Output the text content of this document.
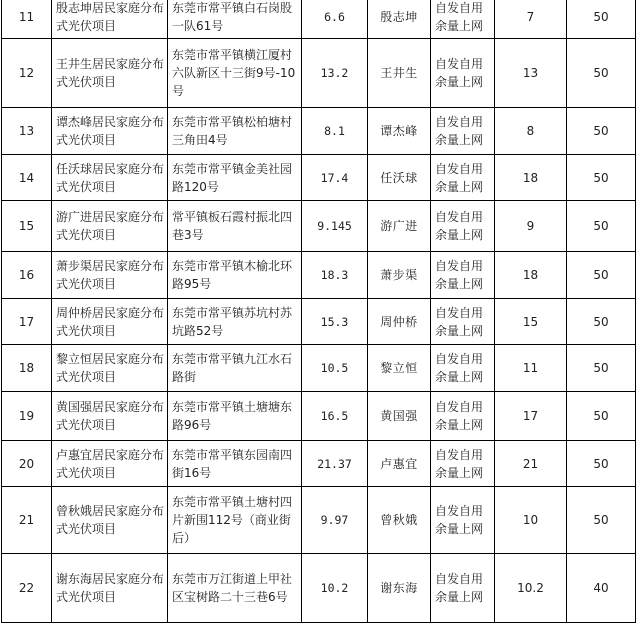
11	殷志坤居民家庭分布式光伏项目	东莞市常平镇白石岗股一队61号	6.6	殷志坤	自发自用余量上网	7	50
12	王井生居民家庭分布式光伏项目	东莞市常平镇横江厦村六队新区十三街9号-10号	13.2	王井生	自发自用余量上网	13	50
13	谭杰峰居民家庭分布式光伏项目	东莞市常平镇松柏塘村三角田4号	8.1	谭杰峰	自发自用余量上网	8	50
14	任沃球居民家庭分布式光伏项目	东莞市常平镇金美社园路120号	17.4	任沃球	自发自用余量上网	18	50
15	游广进居民家庭分布式光伏项目	常平镇板石霞村振北四巷3号	9.145	游广进	自发自用余量上网	9	50
16	萧步渠居民家庭分布式光伏项目	东莞市常平镇木榆北环路95号	18.3	萧步渠	自发自用余量上网	18	50
17	周仲桥居民家庭分布式光伏项目	东莞市常平镇苏坑村苏坑路52号	15.3	周仲桥	自发自用余量上网	15	50
18	黎立恒居民家庭分布式光伏项目	东莞市常平镇九江水石路街	10.5	黎立恒	自发自用余量上网	11	50
19	黄国强居民家庭分布式光伏项目	东莞市常平镇土塘塘东路96号	16.5	黄国强	自发自用余量上网	17	50
20	卢惠宜居民家庭分布式光伏项目	东莞市常平镇东园南四街16号	21.37	卢惠宜	自发自用余量上网	21	50
21	曾秋娥居民家庭分布式光伏项目	东莞市常平镇土塘村四片新围112号（商业街后）	9.97	曾秋娥	自发自用余量上网	10	50
22	谢东海居民家庭分布式光伏项目	东莞市万江街道上甲社区宝树路二十三巷6号	10.2	谢东海	自发自用余量上网	10.2	40
